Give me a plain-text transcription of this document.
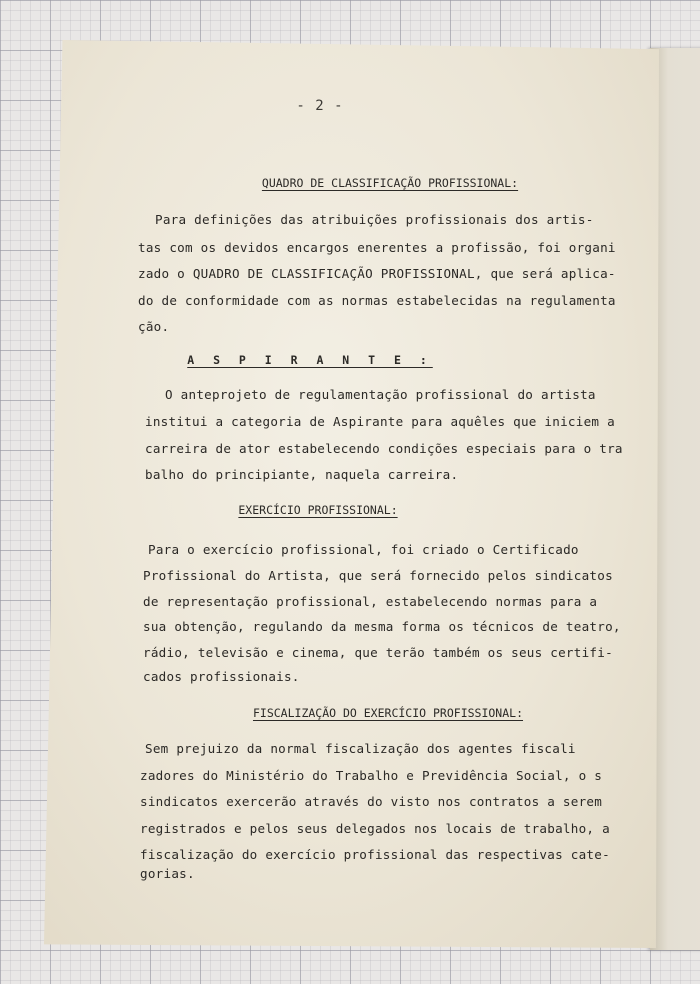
- 2 -
QUADRO DE CLASSIFICAÇÃO PROFISSIONAL:
Para definições das atribuições profissionais dos artis-
tas com os devidos encargos enerentes a profissão, foi organi
zado o QUADRO DE CLASSIFICAÇÃO PROFISSIONAL, que será aplica-
do de conformidade com as normas estabelecidas na regulamenta
ção.
A S P I R A N T E :
O anteprojeto de regulamentação profissional do artista
institui a categoria de Aspirante para aquêles que iniciem a
carreira de ator estabelecendo condições especiais para o tra
balho do principiante, naquela carreira.
EXERCÍCIO PROFISSIONAL:
Para o exercício profissional, foi criado o Certificado
Profissional do Artista, que será fornecido pelos sindicatos
de representação profissional, estabelecendo normas para a
sua obtenção, regulando da mesma forma os técnicos de teatro,
rádio, televisão e cinema, que terão também os seus certifi-
cados profissionais.
FISCALIZAÇÃO DO EXERCÍCIO PROFISSIONAL:
Sem prejuizo da normal fiscalização dos agentes fiscali
zadores do Ministério do Trabalho e Previdência Social, o s
sindicatos exercerão através do visto nos contratos a serem
registrados e pelos seus delegados nos locais de trabalho, a
fiscalização do exercício profissional das respectivas cate-
gorias.
